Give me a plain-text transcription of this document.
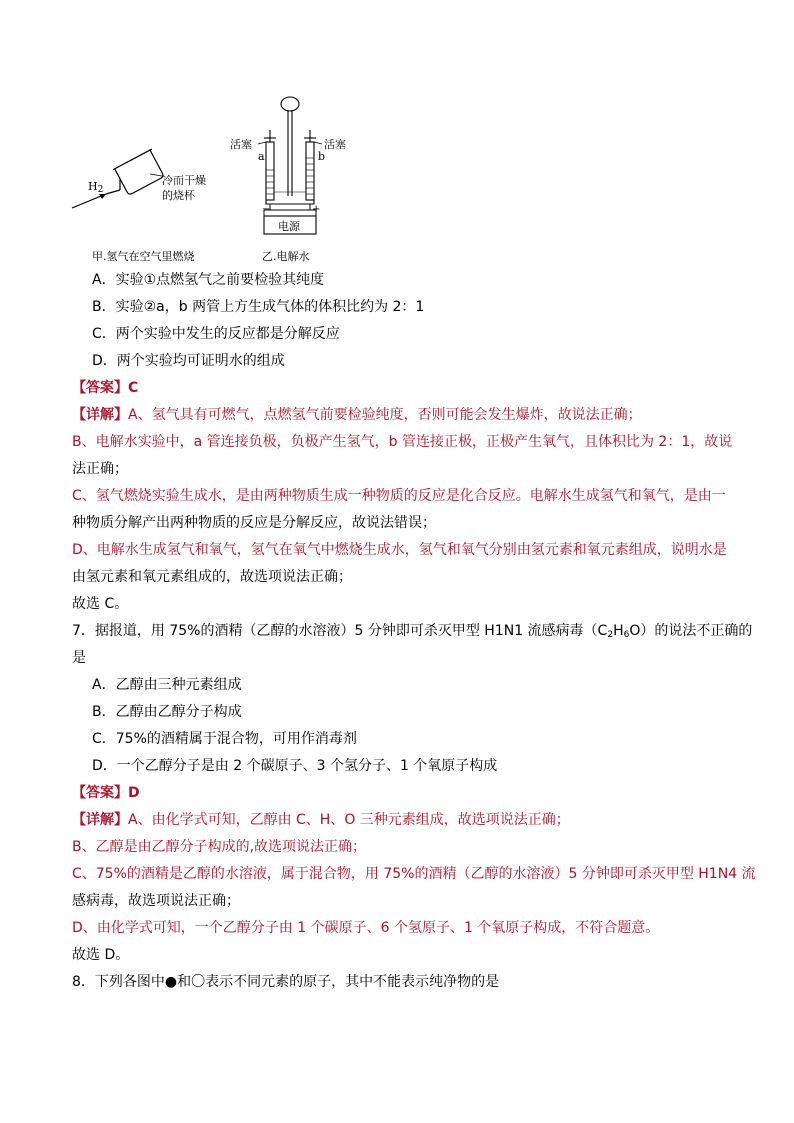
$H_2$
冷而干燥
的烧杯
甲.氢气在空气里燃烧
活塞	活塞
a	b
−	+
电源
乙.电解水
A．实验①点燃氢气之前要检验其纯度
B．实验②a，b 两管上方生成气体的体积比约为 2：1
C．两个实验中发生的反应都是分解反应
D．两个实验均可证明水的组成
【答案】C
【详解】A、氢气具有可燃气，点燃氢气前要检验纯度，否则可能会发生爆炸，故说法正确；
B、电解水实验中，a 管连接负极，负极产生氢气，b 管连接正极，正极产生氧气，且体积比为 2：1，故说
法正确；
C、氢气燃烧实验生成水，是由两种物质生成一种物质的反应是化合反应。电解水生成氢气和氧气，是由一
种物质分解产出两种物质的反应是分解反应，故说法错误；
D、电解水生成氢气和氧气，氢气在氧气中燃烧生成水，氢气和氧气分别由氢元素和氧元素组成，说明水是
由氢元素和氧元素组成的，故选项说法正确；
故选 C。
7．据报道，用 75%的酒精（乙醇的水溶液）5 分钟即可杀灭甲型 H1N1 流感病毒$(C_2H_6O)$的说法不正确的
是
A．乙醇由三种元素组成
B．乙醇由乙醇分子构成
C．75%的酒精属于混合物，可用作消毒剂
D．一个乙醇分子是由 2 个碳原子、3 个氢分子、1 个氧原子构成
【答案】D
【详解】A、由化学式可知，乙醇由 C、H、O 三种元素组成，故选项说法正确；
B、乙醇是由乙醇分子构成的,故选项说法正确；
C、75%的酒精是乙醇的水溶液，属于混合物，用 75%的酒精（乙醇的水溶液）5 分钟即可杀灭甲型 H1N4 流
感病毒，故选项说法正确；
D、由化学式可知，一个乙醇分子由 1 个碳原子、6 个氢原子、1 个氧原子构成，不符合题意。
故选 D。
8．下列各图中●和〇表示不同元素的原子，其中不能表示纯净物的是
